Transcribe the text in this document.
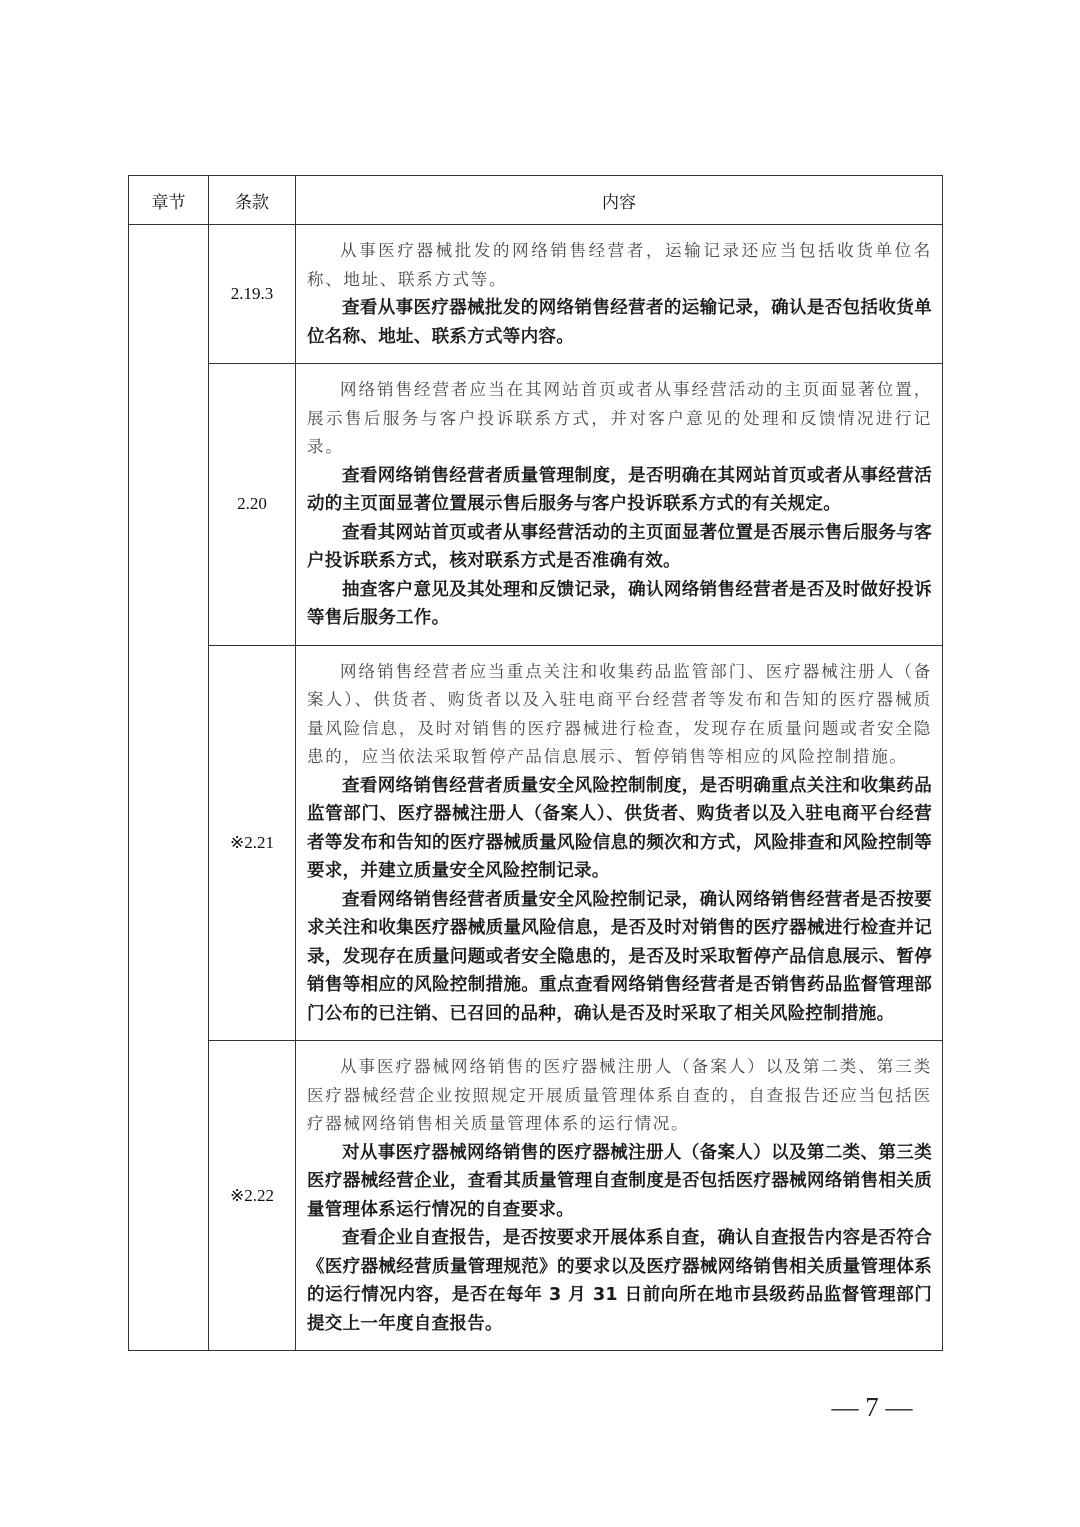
章节	条款	内容
	2.19.3	从事医疗器械批发的网络销售经营者，运输记录还应当包括收货单位名称、地址、联系方式等。

查看从事医疗器械批发的网络销售经营者的运输记录，确认是否包括收货单位名称、地址、联系方式等内容。

	2.20	网络销售经营者应当在其网站首页或者从事经营活动的主页面显著位置，展示售后服务与客户投诉联系方式，并对客户意见的处理和反馈情况进行记录。

查看网络销售经营者质量管理制度，是否明确在其网站首页或者从事经营活动的主页面显著位置展示售后服务与客户投诉联系方式的有关规定。

查看其网站首页或者从事经营活动的主页面显著位置是否展示售后服务与客户投诉联系方式，核对联系方式是否准确有效。

抽查客户意见及其处理和反馈记录，确认网络销售经营者是否及时做好投诉等售后服务工作。

	※2.21	网络销售经营者应当重点关注和收集药品监管部门、医疗器械注册人（备案人）、供货者、购货者以及入驻电商平台经营者等发布和告知的医疗器械质量风险信息，及时对销售的医疗器械进行检查，发现存在质量问题或者安全隐患的，应当依法采取暂停产品信息展示、暂停销售等相应的风险控制措施。

查看网络销售经营者质量安全风险控制制度，是否明确重点关注和收集药品监管部门、医疗器械注册人（备案人）、供货者、购货者以及入驻电商平台经营者等发布和告知的医疗器械质量风险信息的频次和方式，风险排查和风险控制等要求，并建立质量安全风险控制记录。

查看网络销售经营者质量安全风险控制记录，确认网络销售经营者是否按要求关注和收集医疗器械质量风险信息，是否及时对销售的医疗器械进行检查并记录，发现存在质量问题或者安全隐患的，是否及时采取暂停产品信息展示、暂停销售等相应的风险控制措施。重点查看网络销售经营者是否销售药品监督管理部门公布的已注销、已召回的品种，确认是否及时采取了相关风险控制措施。

	※2.22	从事医疗器械网络销售的医疗器械注册人（备案人）以及第二类、第三类医疗器械经营企业按照规定开展质量管理体系自查的，自查报告还应当包括医疗器械网络销售相关质量管理体系的运行情况。

对从事医疗器械网络销售的医疗器械注册人（备案人）以及第二类、第三类医疗器械经营企业，查看其质量管理自查制度是否包括医疗器械网络销售相关质量管理体系运行情况的自查要求。

查看企业自查报告，是否按要求开展体系自查，确认自查报告内容是否符合《医疗器械经营质量管理规范》的要求以及医疗器械网络销售相关质量管理体系的运行情况内容，是否在每年 3 月 31 日前向所在地市县级药品监督管理部门提交上一年度自查报告。

— 7 —
